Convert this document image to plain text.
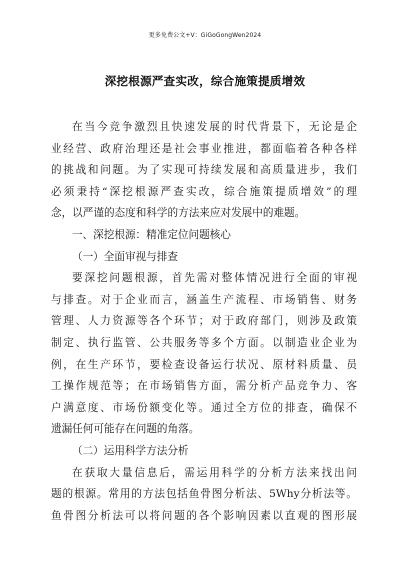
更多免费公文+V：GiGoGongWen2024
深挖根源严查实改，综合施策提质增效
在当今竞争激烈且快速发展的时代背景下，无论是企
业经营、政府治理还是社会事业推进，都面临着各种各样
的挑战和问题。为了实现可持续发展和高质量进步，我们
必须秉持“深挖根源严查实改，综合施策提质增效”的理
念，以严谨的态度和科学的方法来应对发展中的难题。
一、深挖根源：精准定位问题核心
（一）全面审视与排查
要深挖问题根源，首先需对整体情况进行全面的审视
与排查。对于企业而言，涵盖生产流程、市场销售、财务
管理、人力资源等各个环节；对于政府部门，则涉及政策
制定、执行监管、公共服务等多个方面。以制造业企业为
例，在生产环节，要检查设备运行状况、原材料质量、员
工操作规范等；在市场销售方面，需分析产品竞争力、客
户满意度、市场份额变化等。通过全方位的排查，确保不
遗漏任何可能存在问题的角落。
（二）运用科学方法分析
在获取大量信息后，需运用科学的分析方法来找出问
题的根源。常用的方法包括鱼骨图分析法、5Why分析法等。
鱼骨图分析法可以将问题的各个影响因素以直观的图形展
